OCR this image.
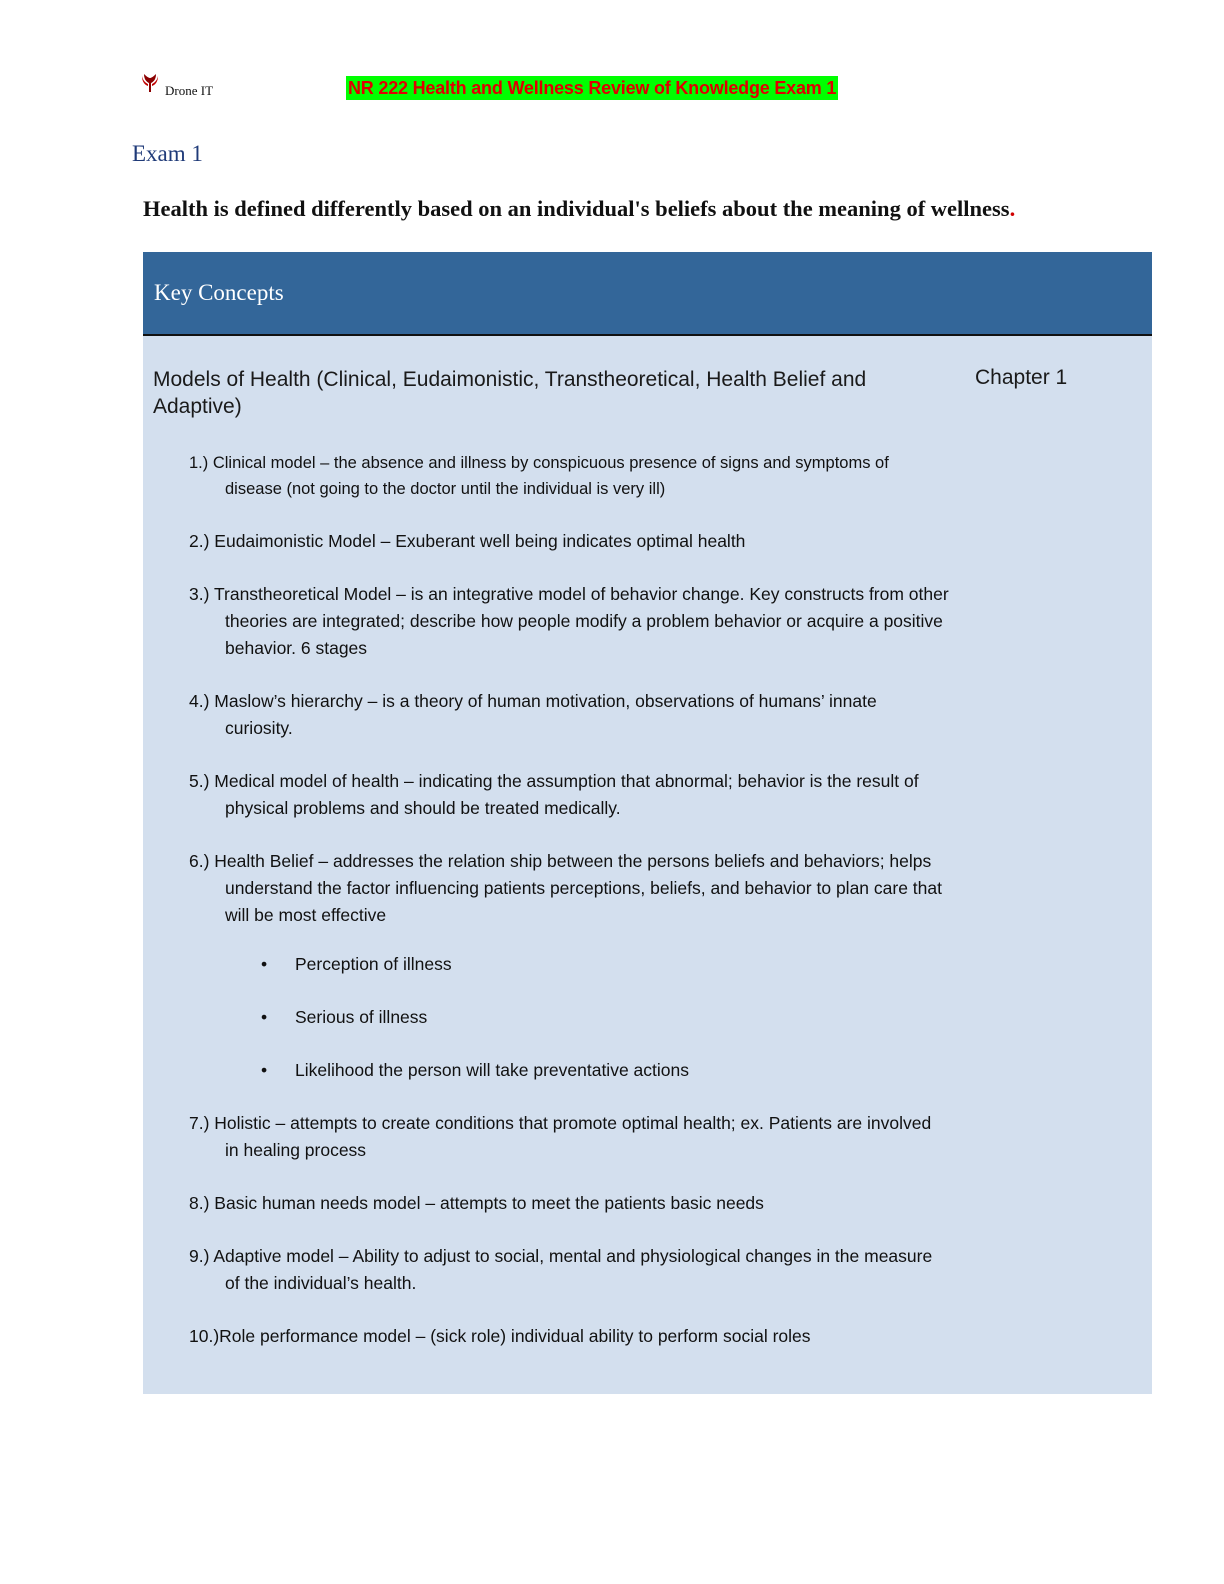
Drone IT	NR 222 Health and Wellness Review of Knowledge Exam 1
Exam 1
Health is defined differently based on an individual's beliefs about the meaning of wellness.
Key Concepts
Models of Health (Clinical, Eudaimonistic, Transtheoretical, Health Belief and Adaptive)
Chapter 1
1.) Clinical model – the absence and illness by conspicuous presence of signs and symptoms of disease (not going to the doctor until the individual is very ill)
2.) Eudaimonistic Model – Exuberant well being indicates optimal health
3.) Transtheoretical Model – is an integrative model of behavior change. Key constructs from other theories are integrated; describe how people modify a problem behavior or acquire a positive behavior. 6 stages
4.) Maslow’s hierarchy – is a theory of human motivation, observations of humans’ innate curiosity.
5.) Medical model of health – indicating the assumption that abnormal; behavior is the result of physical problems and should be treated medically.
6.) Health Belief – addresses the relation ship between the persons beliefs and behaviors; helps understand the factor influencing patients perceptions, beliefs, and behavior to plan care that will be most effective
• Perception of illness
• Serious of illness
• Likelihood the person will take preventative actions
7.) Holistic – attempts to create conditions that promote optimal health; ex. Patients are involved in healing process
8.) Basic human needs model – attempts to meet the patients basic needs
9.) Adaptive model – Ability to adjust to social, mental and physiological changes in the measure of the individual’s health.
10.)Role performance model – (sick role) individual ability to perform social roles
